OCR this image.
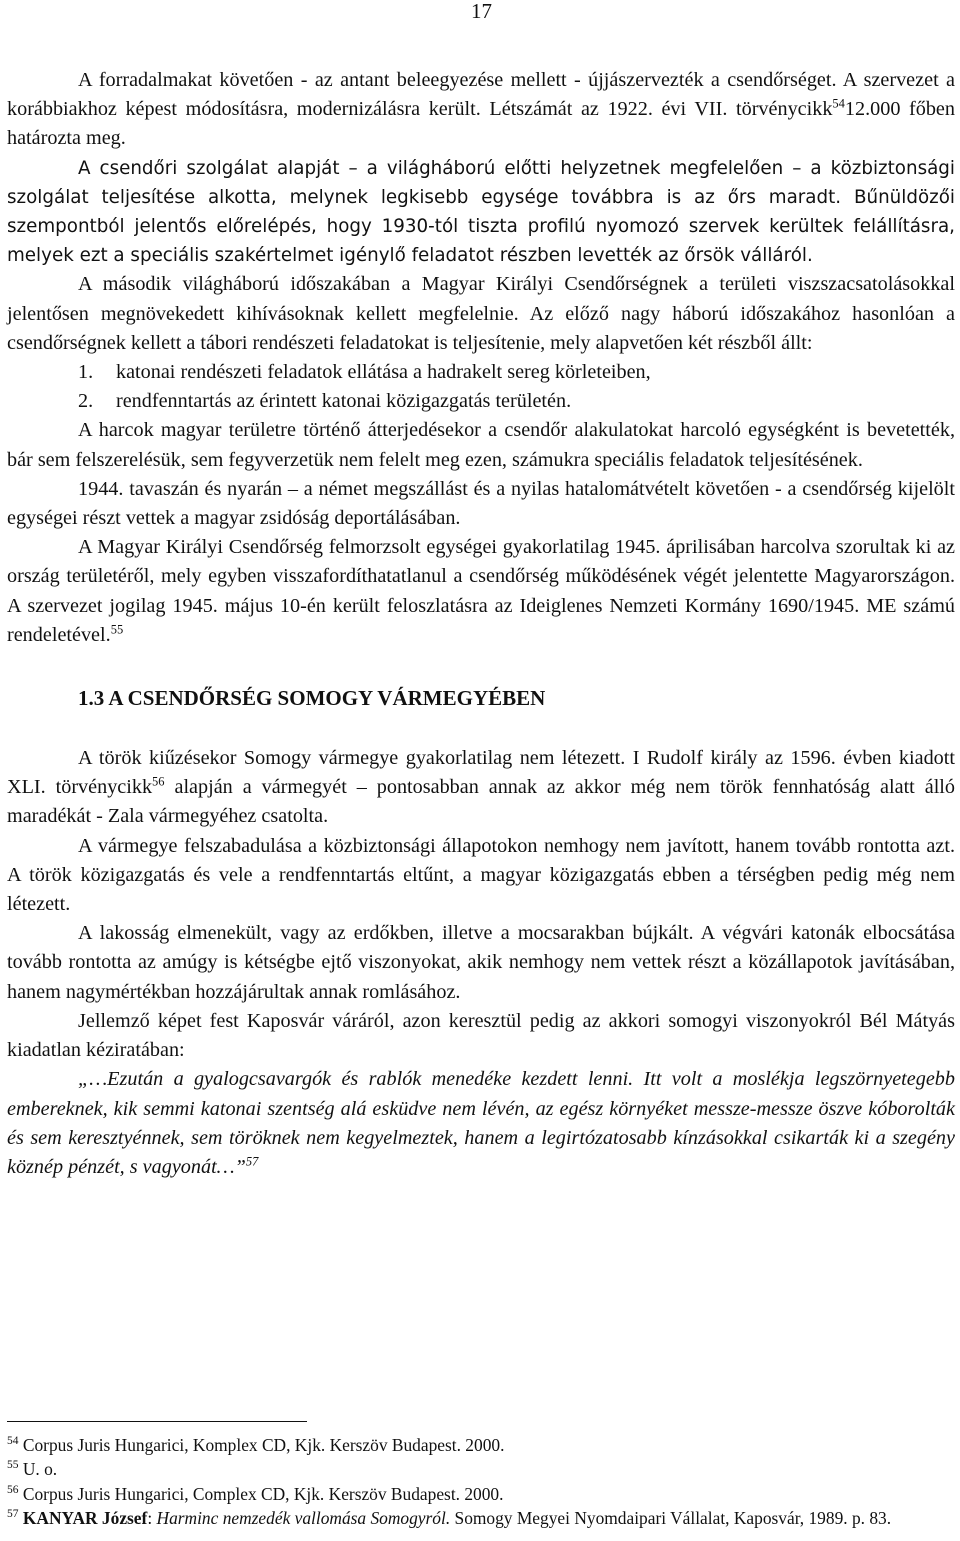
17

A forradalmakat követően - az antant beleegyezése mellett - újjászervezték a csendőrséget. A szervezet a korábbiakhoz képest módosításra, modernizálásra került. Létszámát az 1922. évi VII. törvénycikk$^{54}$12.000 főben határozta meg.

A csendőri szolgálat alapját – a világháború előtti helyzetnek megfelelően – a közbiztonsági szolgálat teljesítése alkotta, melynek legkisebb egysége továbbra is az őrs maradt. Bűnüldözői szempontból jelentős előrelépés, hogy 1930-tól tiszta profilú nyomozó szervek kerültek felállításra, melyek ezt a speciális szakértelmet igénylő feladatot részben levették az őrsök válláról.

A második világháború időszakában a Magyar Királyi Csendőrségnek a területi viszszacsatolásokkal jelentősen megnövekedett kihívásoknak kellett megfelelnie. Az előző nagy háború időszakához hasonlóan a csendőrségnek kellett a tábori rendészeti feladatokat is teljesítenie, mely alapvetően két részből állt:

1. katonai rendészeti feladatok ellátása a hadrakelt sereg körleteiben,

2. rendfenntartás az érintett katonai közigazgatás területén.

A harcok magyar területre történő átterjedésekor a csendőr alakulatokat harcoló egységként is bevetették, bár sem felszerelésük, sem fegyverzetük nem felelt meg ezen, számukra speciális feladatok teljesítésének.

1944. tavaszán és nyarán – a német megszállást és a nyilas hatalomátvételt követően - a csendőrség kijelölt egységei részt vettek a magyar zsidóság deportálásában.

A Magyar Királyi Csendőrség felmorzsolt egységei gyakorlatilag 1945. áprilisában harcolva szorultak ki az ország területéről, mely egyben visszafordíthatatlanul a csendőrség működésének végét jelentette Magyarországon. A szervezet jogilag 1945. május 10-én került feloszlatásra az Ideiglenes Nemzeti Kormány 1690/1945. ME számú rendeletével.$^{55}$

1.3 A CSENDŐRSÉG SOMOGY VÁRMEGYÉBEN

A török kiűzésekor Somogy vármegye gyakorlatilag nem létezett. I Rudolf király az 1596. évben kiadott XLI. törvénycikk$^{56}$ alapján a vármegyét – pontosabban annak az akkor még nem török fennhatóság alatt álló maradékát - Zala vármegyéhez csatolta.

A vármegye felszabadulása a közbiztonsági állapotokon nemhogy nem javított, hanem tovább rontotta azt. A török közigazgatás és vele a rendfenntartás eltűnt, a magyar közigazgatás ebben a térségben pedig még nem létezett.

A lakosság elmenekült, vagy az erdőkben, illetve a mocsarakban bújkált. A végvári katonák elbocsátása tovább rontotta az amúgy is kétségbe ejtő viszonyokat, akik nemhogy nem vettek részt a közállapotok javításában, hanem nagymértékban hozzájárultak annak romlásához.

Jellemző képet fest Kaposvár váráról, azon keresztül pedig az akkori somogyi viszonyokról Bél Mátyás kiadatlan kéziratában:

„…Ezután a gyalogcsavargók és rablók menedéke kezdett lenni. Itt volt a moslékja legszörnyetegebb embereknek, kik semmi katonai szentség alá esküdve nem lévén, az egész környéket messze-messze öszve kóborolták és sem keresztyénnek, sem töröknek nem kegyelmeztek, hanem a legirtózatosabb kínzásokkal csikarták ki a szegény köznép pénzét, s vagyonát…”$^{57}$

$^{54}$ Corpus Juris Hungarici, Komplex CD, Kjk. Kerszöv Budapest. 2000.

$^{55}$ U. o.

$^{56}$ Corpus Juris Hungarici, Complex CD, Kjk. Kerszöv Budapest. 2000.

$^{57}$ KANYAR József: Harminc nemzedék vallomása Somogyról. Somogy Megyei Nyomdaipari Vállalat, Kaposvár, 1989. p. 83.
